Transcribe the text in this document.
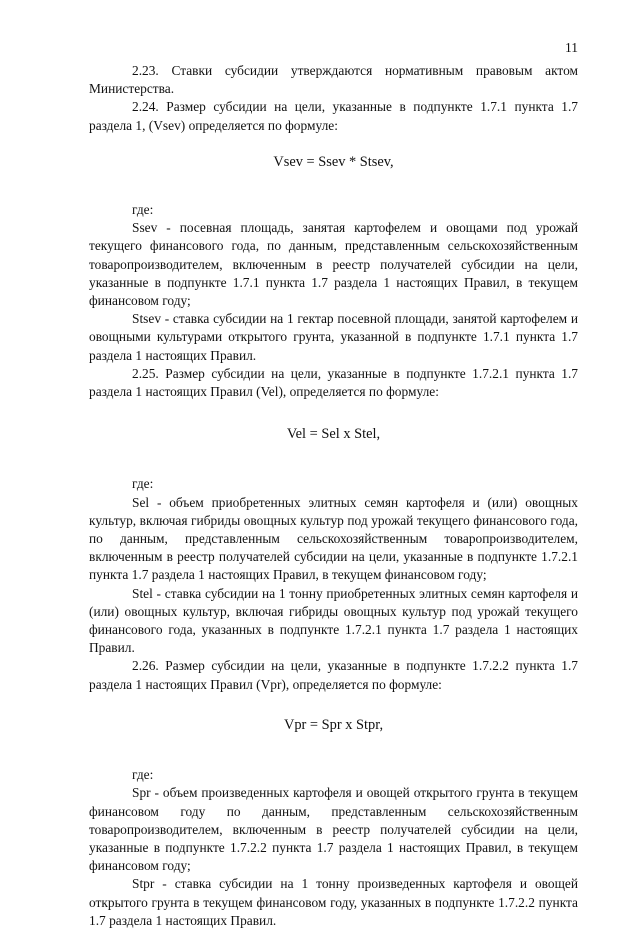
11

2.23. Ставки субсидии утверждаются нормативным правовым актом Министерства.

2.24. Размер субсидии на цели, указанные в подпункте 1.7.1 пункта 1.7 раздела 1, (Vsev) определяется по формуле:

Vsev = Ssev * Stsev,

где:

Ssev - посевная площадь, занятая картофелем и овощами под урожай текущего финансового года, по данным, представленным сельскохозяйственным товаропроизводителем, включенным в реестр получателей субсидии на цели, указанные в подпункте 1.7.1 пункта 1.7 раздела 1 настоящих Правил, в текущем финансовом году;

Stsev - ставка субсидии на 1 гектар посевной площади, занятой картофелем и овощными культурами открытого грунта, указанной в подпункте 1.7.1 пункта 1.7 раздела 1 настоящих Правил.

2.25. Размер субсидии на цели, указанные в подпункте 1.7.2.1 пункта 1.7 раздела 1 настоящих Правил (Vel), определяется по формуле:

Vel = Sel x Stel,

где:

Sel - объем приобретенных элитных семян картофеля и (или) овощных культур, включая гибриды овощных культур под урожай текущего финансового года, по данным, представленным сельскохозяйственным товаропроизводителем, включенным в реестр получателей субсидии на цели, указанные в подпункте 1.7.2.1 пункта 1.7 раздела 1 настоящих Правил, в текущем финансовом году;

Stel - ставка субсидии на 1 тонну приобретенных элитных семян картофеля и (или) овощных культур, включая гибриды овощных культур под урожай текущего финансового года, указанных в подпункте 1.7.2.1 пункта 1.7 раздела 1 настоящих Правил.

2.26. Размер субсидии на цели, указанные в подпункте 1.7.2.2 пункта 1.7 раздела 1 настоящих Правил (Vpr), определяется по формуле:

Vpr = Spr x Stpr,

где:

Spr - объем произведенных картофеля и овощей открытого грунта в текущем финансовом году по данным, представленным сельскохозяйственным товаропроизводителем, включенным в реестр получателей субсидии на цели, указанные в подпункте 1.7.2.2 пункта 1.7 раздела 1 настоящих Правил, в текущем финансовом году;

Stpr - ставка субсидии на 1 тонну произведенных картофеля и овощей открытого грунта в текущем финансовом году, указанных в подпункте 1.7.2.2 пункта 1.7 раздела 1 настоящих Правил.
